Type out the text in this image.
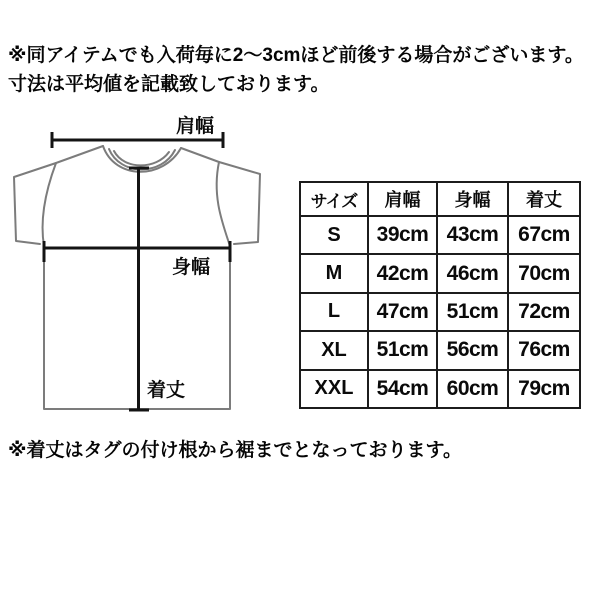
※同アイテムでも入荷毎に2〜3cmほど前後する場合がございます。
寸法は平均値を記載致しております。
肩幅
身幅
着丈
サイズ	肩幅	身幅	着丈
S	39cm	43cm	67cm
M	42cm	46cm	70cm
L	47cm	51cm	72cm
XL	51cm	56cm	76cm
XXL	54cm	60cm	79cm
※着丈はタグの付け根から裾までとなっております。
